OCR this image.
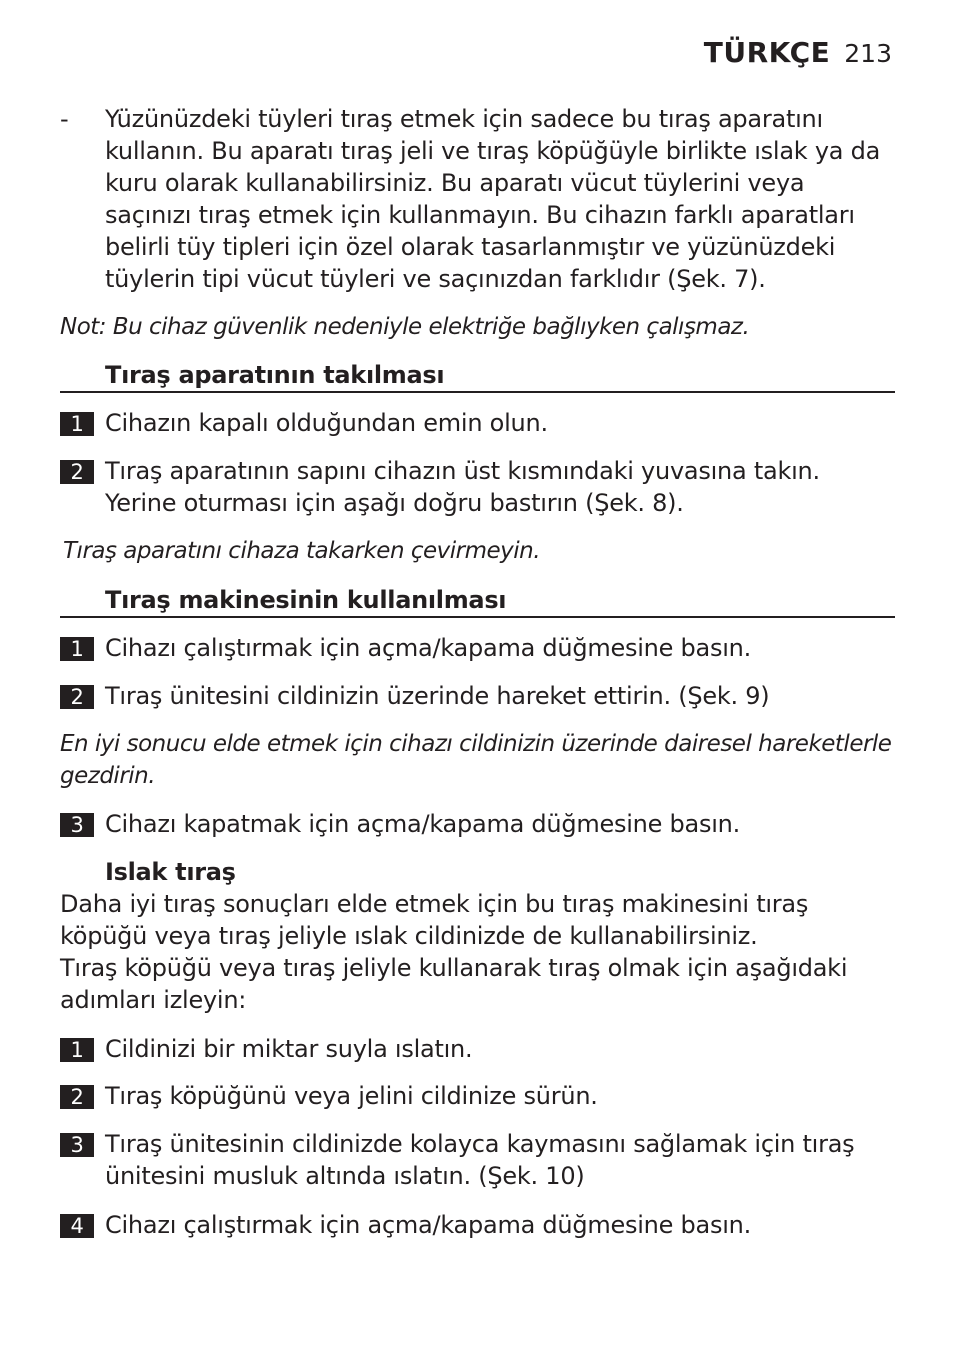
TÜRKÇE 213
- Yüzünüzdeki tüyleri tıraş etmek için sadece bu tıraş aparatını kullanın. Bu aparatı tıraş jeli ve tıraş köpüğüyle birlikte ıslak ya da kuru olarak kullanabilirsiniz. Bu aparatı vücut tüylerini veya saçınızı tıraş etmek için kullanmayın. Bu cihazın farklı aparatları belirli tüy tipleri için özel olarak tasarlanmıştır ve yüzünüzdeki tüylerin tipi vücut tüyleri ve saçınızdan farklıdır (Şek. 7).
Not: Bu cihaz güvenlik nedeniyle elektriğe bağlıyken çalışmaz.
Tıraş aparatının takılması
1 Cihazın kapalı olduğundan emin olun.
2 Tıraş aparatının sapını cihazın üst kısmındaki yuvasına takın. Yerine oturması için aşağı doğru bastırın (Şek. 8).
Tıraş aparatını cihaza takarken çevirmeyin.
Tıraş makinesinin kullanılması
1 Cihazı çalıştırmak için açma/kapama düğmesine basın.
2 Tıraş ünitesini cildinizin üzerinde hareket ettirin. (Şek. 9)
En iyi sonucu elde etmek için cihazı cildinizin üzerinde dairesel hareketlerle gezdirin.
3 Cihazı kapatmak için açma/kapama düğmesine basın.
Islak tıraş
Daha iyi tıraş sonuçları elde etmek için bu tıraş makinesini tıraş köpüğü veya tıraş jeliyle ıslak cildinizde de kullanabilirsiniz.
Tıraş köpüğü veya tıraş jeliyle kullanarak tıraş olmak için aşağıdaki adımları izleyin:
1 Cildinizi bir miktar suyla ıslatın.
2 Tıraş köpüğünü veya jelini cildinize sürün.
3 Tıraş ünitesinin cildinizde kolayca kaymasını sağlamak için tıraş ünitesini musluk altında ıslatın. (Şek. 10)
4 Cihazı çalıştırmak için açma/kapama düğmesine basın.
